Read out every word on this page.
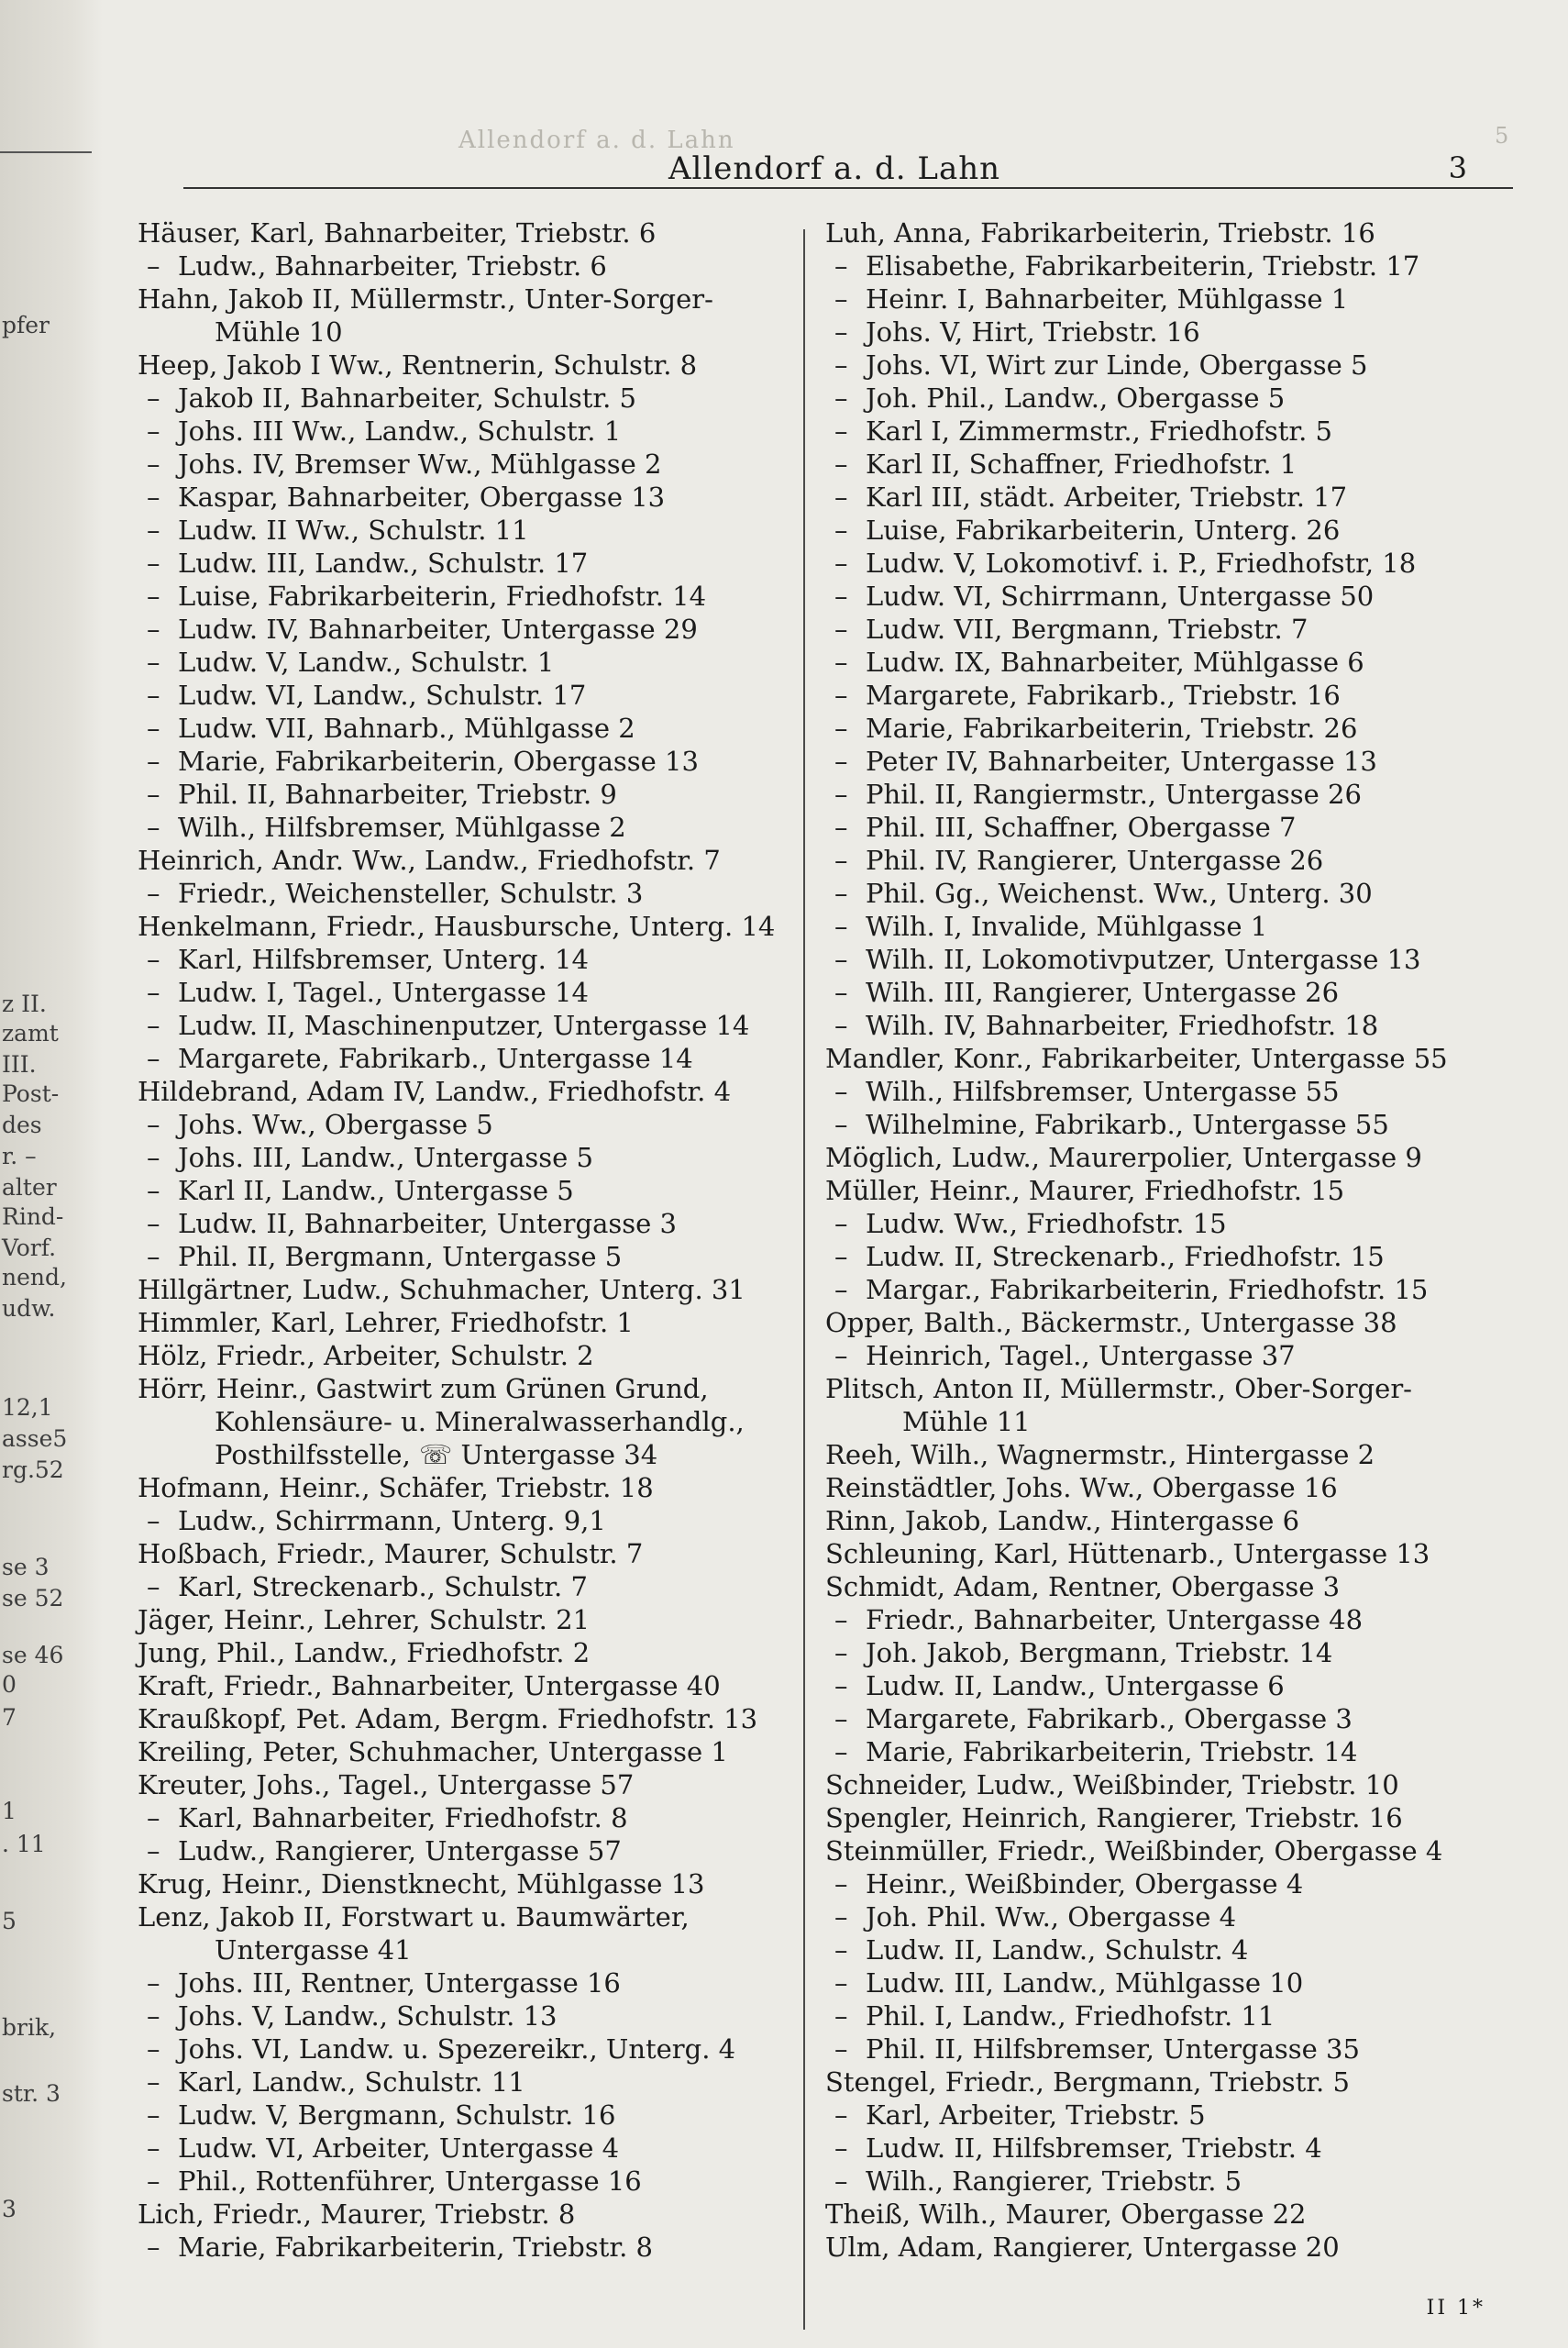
pfer
z II.
zamt
III.
Post-
des
r. –
alter
Rind-
Vorf.
nend,
udw.
12,1
asse5
rg.52
se 3
se 52
se 46
0
7
1
. 11
5
brik,
str. 3
3
Allendorf a. d. Lahn	5
Allendorf a. d. Lahn	3
Häuser, Karl, Bahnarbeiter, Triebstr. 6
– Ludw., Bahnarbeiter, Triebstr. 6
Hahn, Jakob II, Müllermstr., Unter-Sorger-
Mühle 10
Heep, Jakob I Ww., Rentnerin, Schulstr. 8
– Jakob II, Bahnarbeiter, Schulstr. 5
– Johs. III Ww., Landw., Schulstr. 1
– Johs. IV, Bremser Ww., Mühlgasse 2
– Kaspar, Bahnarbeiter, Obergasse 13
– Ludw. II Ww., Schulstr. 11
– Ludw. III, Landw., Schulstr. 17
– Luise, Fabrikarbeiterin, Friedhofstr. 14
– Ludw. IV, Bahnarbeiter, Untergasse 29
– Ludw. V, Landw., Schulstr. 1
– Ludw. VI, Landw., Schulstr. 17
– Ludw. VII, Bahnarb., Mühlgasse 2
– Marie, Fabrikarbeiterin, Obergasse 13
– Phil. II, Bahnarbeiter, Triebstr. 9
– Wilh., Hilfsbremser, Mühlgasse 2
Heinrich, Andr. Ww., Landw., Friedhofstr. 7
– Friedr., Weichensteller, Schulstr. 3
Henkelmann, Friedr., Hausbursche, Unterg. 14
– Karl, Hilfsbremser, Unterg. 14
– Ludw. I, Tagel., Untergasse 14
– Ludw. II, Maschinenputzer, Untergasse 14
– Margarete, Fabrikarb., Untergasse 14
Hildebrand, Adam IV, Landw., Friedhofstr. 4
– Johs. Ww., Obergasse 5
– Johs. III, Landw., Untergasse 5
– Karl II, Landw., Untergasse 5
– Ludw. II, Bahnarbeiter, Untergasse 3
– Phil. II, Bergmann, Untergasse 5
Hillgärtner, Ludw., Schuhmacher, Unterg. 31
Himmler, Karl, Lehrer, Friedhofstr. 1
Hölz, Friedr., Arbeiter, Schulstr. 2
Hörr, Heinr., Gastwirt zum Grünen Grund,
Kohlensäure- u. Mineralwasserhandlg.,
Posthilfsstelle, ☏ Untergasse 34
Hofmann, Heinr., Schäfer, Triebstr. 18
– Ludw., Schirrmann, Unterg. 9,1
Hoßbach, Friedr., Maurer, Schulstr. 7
– Karl, Streckenarb., Schulstr. 7
Jäger, Heinr., Lehrer, Schulstr. 21
Jung, Phil., Landw., Friedhofstr. 2
Kraft, Friedr., Bahnarbeiter, Untergasse 40
Kraußkopf, Pet. Adam, Bergm. Friedhofstr. 13
Kreiling, Peter, Schuhmacher, Untergasse 1
Kreuter, Johs., Tagel., Untergasse 57
– Karl, Bahnarbeiter, Friedhofstr. 8
– Ludw., Rangierer, Untergasse 57
Krug, Heinr., Dienstknecht, Mühlgasse 13
Lenz, Jakob II, Forstwart u. Baumwärter,
Untergasse 41
– Johs. III, Rentner, Untergasse 16
– Johs. V, Landw., Schulstr. 13
– Johs. VI, Landw. u. Spezereikr., Unterg. 4
– Karl, Landw., Schulstr. 11
– Ludw. V, Bergmann, Schulstr. 16
– Ludw. VI, Arbeiter, Untergasse 4
– Phil., Rottenführer, Untergasse 16
Lich, Friedr., Maurer, Triebstr. 8
– Marie, Fabrikarbeiterin, Triebstr. 8
Luh, Anna, Fabrikarbeiterin, Triebstr. 16
– Elisabethe, Fabrikarbeiterin, Triebstr. 17
– Heinr. I, Bahnarbeiter, Mühlgasse 1
– Johs. V, Hirt, Triebstr. 16
– Johs. VI, Wirt zur Linde, Obergasse 5
– Joh. Phil., Landw., Obergasse 5
– Karl I, Zimmermstr., Friedhofstr. 5
– Karl II, Schaffner, Friedhofstr. 1
– Karl III, städt. Arbeiter, Triebstr. 17
– Luise, Fabrikarbeiterin, Unterg. 26
– Ludw. V, Lokomotivf. i. P., Friedhofstr, 18
– Ludw. VI, Schirrmann, Untergasse 50
– Ludw. VII, Bergmann, Triebstr. 7
– Ludw. IX, Bahnarbeiter, Mühlgasse 6
– Margarete, Fabrikarb., Triebstr. 16
– Marie, Fabrikarbeiterin, Triebstr. 26
– Peter IV, Bahnarbeiter, Untergasse 13
– Phil. II, Rangiermstr., Untergasse 26
– Phil. III, Schaffner, Obergasse 7
– Phil. IV, Rangierer, Untergasse 26
– Phil. Gg., Weichenst. Ww., Unterg. 30
– Wilh. I, Invalide, Mühlgasse 1
– Wilh. II, Lokomotivputzer, Untergasse 13
– Wilh. III, Rangierer, Untergasse 26
– Wilh. IV, Bahnarbeiter, Friedhofstr. 18
Mandler, Konr., Fabrikarbeiter, Untergasse 55
– Wilh., Hilfsbremser, Untergasse 55
– Wilhelmine, Fabrikarb., Untergasse 55
Möglich, Ludw., Maurerpolier, Untergasse 9
Müller, Heinr., Maurer, Friedhofstr. 15
– Ludw. Ww., Friedhofstr. 15
– Ludw. II, Streckenarb., Friedhofstr. 15
– Margar., Fabrikarbeiterin, Friedhofstr. 15
Opper, Balth., Bäckermstr., Untergasse 38
– Heinrich, Tagel., Untergasse 37
Plitsch, Anton II, Müllermstr., Ober-Sorger-
Mühle 11
Reeh, Wilh., Wagnermstr., Hintergasse 2
Reinstädtler, Johs. Ww., Obergasse 16
Rinn, Jakob, Landw., Hintergasse 6
Schleuning, Karl, Hüttenarb., Untergasse 13
Schmidt, Adam, Rentner, Obergasse 3
– Friedr., Bahnarbeiter, Untergasse 48
– Joh. Jakob, Bergmann, Triebstr. 14
– Ludw. II, Landw., Untergasse 6
– Margarete, Fabrikarb., Obergasse 3
– Marie, Fabrikarbeiterin, Triebstr. 14
Schneider, Ludw., Weißbinder, Triebstr. 10
Spengler, Heinrich, Rangierer, Triebstr. 16
Steinmüller, Friedr., Weißbinder, Obergasse 4
– Heinr., Weißbinder, Obergasse 4
– Joh. Phil. Ww., Obergasse 4
– Ludw. II, Landw., Schulstr. 4
– Ludw. III, Landw., Mühlgasse 10
– Phil. I, Landw., Friedhofstr. 11
– Phil. II, Hilfsbremser, Untergasse 35
Stengel, Friedr., Bergmann, Triebstr. 5
– Karl, Arbeiter, Triebstr. 5
– Ludw. II, Hilfsbremser, Triebstr. 4
– Wilh., Rangierer, Triebstr. 5
Theiß, Wilh., Maurer, Obergasse 22
Ulm, Adam, Rangierer, Untergasse 20
II 1*
